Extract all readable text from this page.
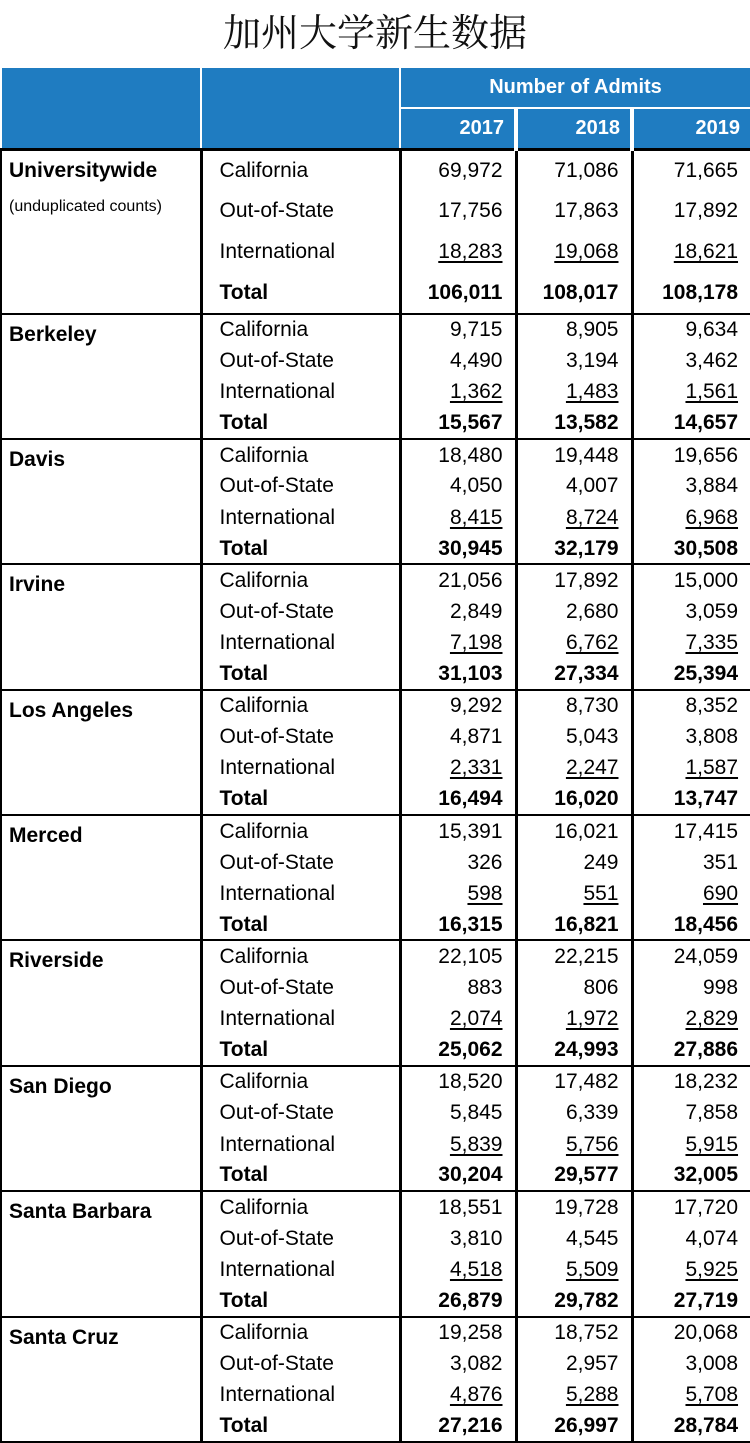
加州大学新生数据
		Number of Admits		
		2017	2018	2019
Universitywide
(unduplicated counts)	California	69,972	71,086	71,665
	Out-of-State	17,756	17,863	17,892
	International	18,283	19,068	18,621
	Total	106,011	108,017	108,178
Berkeley	California	9,715	8,905	9,634
	Out-of-State	4,490	3,194	3,462
	International	1,362	1,483	1,561
	Total	15,567	13,582	14,657
Davis	California	18,480	19,448	19,656
	Out-of-State	4,050	4,007	3,884
	International	8,415	8,724	6,968
	Total	30,945	32,179	30,508
Irvine	California	21,056	17,892	15,000
	Out-of-State	2,849	2,680	3,059
	International	7,198	6,762	7,335
	Total	31,103	27,334	25,394
Los Angeles	California	9,292	8,730	8,352
	Out-of-State	4,871	5,043	3,808
	International	2,331	2,247	1,587
	Total	16,494	16,020	13,747
Merced	California	15,391	16,021	17,415
	Out-of-State	326	249	351
	International	598	551	690
	Total	16,315	16,821	18,456
Riverside	California	22,105	22,215	24,059
	Out-of-State	883	806	998
	International	2,074	1,972	2,829
	Total	25,062	24,993	27,886
San Diego	California	18,520	17,482	18,232
	Out-of-State	5,845	6,339	7,858
	International	5,839	5,756	5,915
	Total	30,204	29,577	32,005
Santa Barbara	California	18,551	19,728	17,720
	Out-of-State	3,810	4,545	4,074
	International	4,518	5,509	5,925
	Total	26,879	29,782	27,719
Santa Cruz	California	19,258	18,752	20,068
	Out-of-State	3,082	2,957	3,008
	International	4,876	5,288	5,708
	Total	27,216	26,997	28,784
